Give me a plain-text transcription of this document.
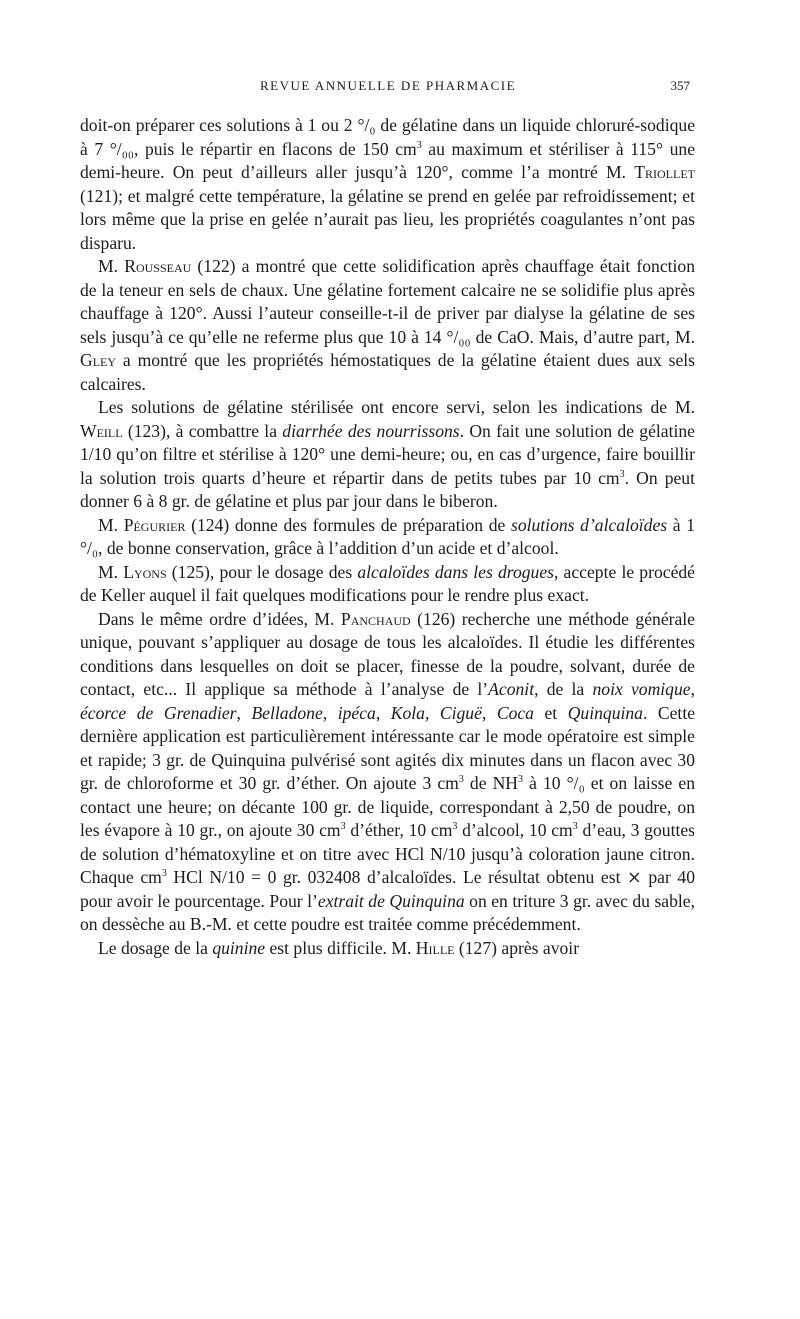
REVUE ANNUELLE DE PHARMACIE	357

doit-on préparer ces solutions à 1 ou 2 °/₀ de gélatine dans un liquide chloruré-sodique à 7 °/₀₀, puis le répartir en flacons de 150 $cm^3$ au maximum et stériliser à 115° une demi-heure. On peut d’ailleurs aller jusqu’à 120°, comme l’a montré M. Triollet (121); et malgré cette température, la gélatine se prend en gelée par refroidissement; et lors même que la prise en gelée n’aurait pas lieu, les propriétés coagulantes n’ont pas disparu.

M. Rousseau (122) a montré que cette solidification après chauffage était fonction de la teneur en sels de chaux. Une gélatine fortement calcaire ne se solidifie plus après chauffage à 120°. Aussi l’auteur conseille-t-il de priver par dialyse la gélatine de ses sels jusqu’à ce qu’elle ne referme plus que 10 à 14 °/₀₀ de CaO. Mais, d’autre part, M. Gley a montré que les propriétés hémostatiques de la gélatine étaient dues aux sels calcaires.

Les solutions de gélatine stérilisée ont encore servi, selon les indications de M. Weill (123), à combattre la diarrhée des nourrissons. On fait une solution de gélatine 1/10 qu’on filtre et stérilise à 120° une demi-heure; ou, en cas d’urgence, faire bouillir la solution trois quarts d’heure et répartir dans de petits tubes par 10 $cm^3$. On peut donner 6 à 8 gr. de gélatine et plus par jour dans le biberon.

M. Pégurier (124) donne des formules de préparation de solutions d’alcaloïdes à 1 °/₀, de bonne conservation, grâce à l’addition d’un acide et d’alcool.

M. Lyons (125), pour le dosage des alcaloïdes dans les drogues, accepte le procédé de Keller auquel il fait quelques modifications pour le rendre plus exact.

Dans le même ordre d’idées, M. Panchaud (126) recherche une méthode générale unique, pouvant s’appliquer au dosage de tous les alcaloïdes. Il étudie les différentes conditions dans lesquelles on doit se placer, finesse de la poudre, solvant, durée de contact, etc... Il applique sa méthode à l’analyse de l’Aconit, de la noix vomique, écorce de Grenadier, Belladone, ipéca, Kola, Ciguë, Coca et Quinquina. Cette dernière application est particulièrement intéressante car le mode opératoire est simple et rapide; 3 gr. de Quinquina pulvérisé sont agités dix minutes dans un flacon avec 30 gr. de chloroforme et 30 gr. d’éther. On ajoute 3 $cm^3$ de $NH^3$ à 10 °/₀ et on laisse en contact une heure; on décante 100 gr. de liquide, correspondant à 2,50 de poudre, on les évapore à 10 gr., on ajoute 30 $cm^3$ d’éther, 10 $cm^3$ d’alcool, 10 $cm^3$ d’eau, 3 gouttes de solution d’hématoxyline et on titre avec HCl N/10 jusqu’à coloration jaune citron. Chaque $cm^3$ HCl N/10 = 0 gr. 032408 d’alcaloïdes. Le résultat obtenu est ⨯ par 40 pour avoir le pourcentage. Pour l’extrait de Quinquina on en triture 3 gr. avec du sable, on dessèche au B.-M. et cette poudre est traitée comme précédemment.

Le dosage de la quinine est plus difficile. M. Hille (127) après avoir
